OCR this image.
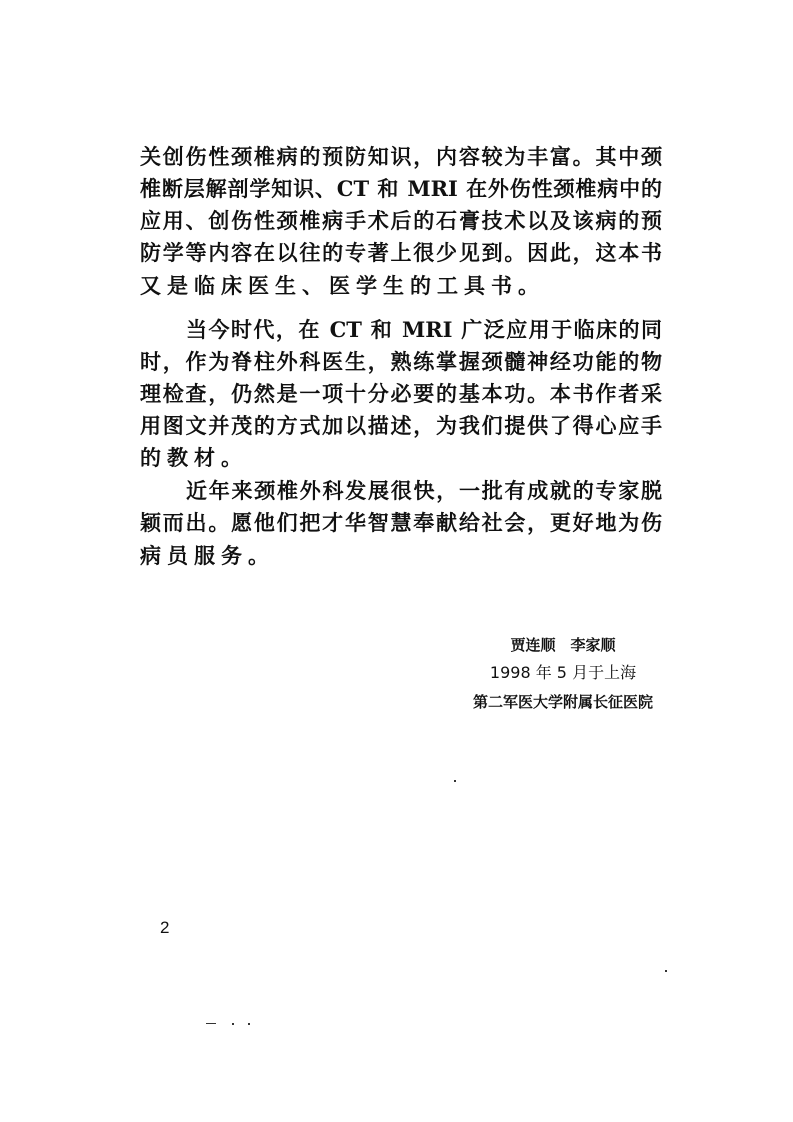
关创伤性颈椎病的预防知识，内容较为丰富。其中颈
椎断层解剖学知识、CT 和 MRI 在外伤性颈椎病中的
应用、创伤性颈椎病手术后的石膏技术以及该病的预
防学等内容在以往的专著上很少见到。因此，这本书
又是临床医生、医学生的工具书。
当今时代，在 CT 和 MRI 广泛应用于临床的同
时，作为脊柱外科医生，熟练掌握颈髓神经功能的物
理检查，仍然是一项十分必要的基本功。本书作者采
用图文并茂的方式加以描述，为我们提供了得心应手
的教材。
近年来颈椎外科发展很快，一批有成就的专家脱
颖而出。愿他们把才华智慧奉献给社会，更好地为伤
病员服务。
贾连顺　李家顺
1998 年 5 月于上海
第二军医大学附属长征医院
2
